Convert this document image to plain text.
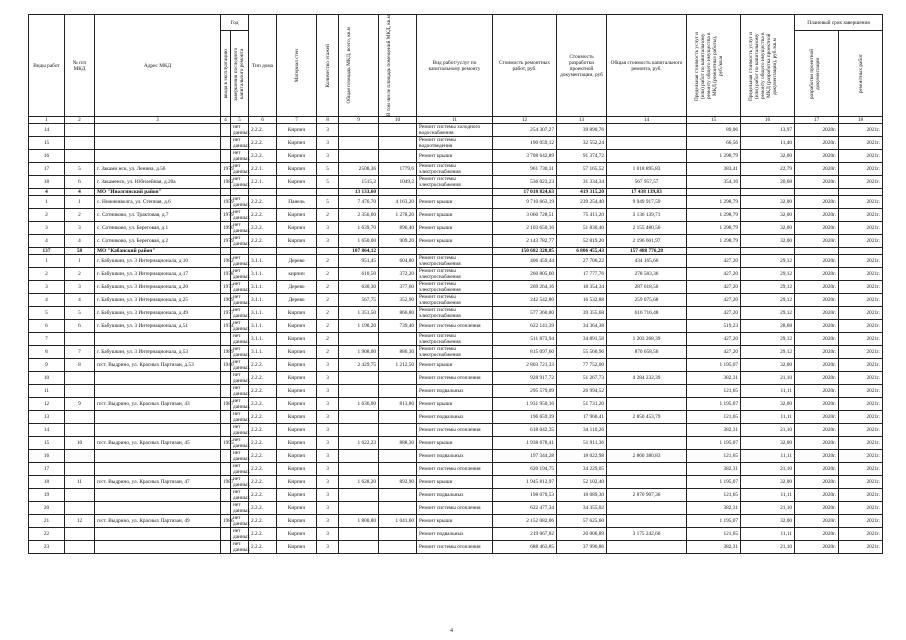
Виды работ	№ п/п МКД	Адрес МКД	Год		Тип дома	Материал стен	Количество этажей	Общая площадь МКД, всего, кв.м	В том числе площадь помещений МКД, кв.м	Вид работ/услуг по капитальному ремонту	Стоимость ремонтных работ, руб.	Стоимость разработки проектной документации, руб	Общая стоимость капитального ремонта, руб.	Предельная стоимость услуг и (или) работ по капитальному ремонту общего имущества в МКД (ремонтные работы), руб./кв.м	Предельная стоимость услуг и (или) работ по капитальному ремонту общего имущества в МКД (разработка проектной документации), руб./кв.м	Плановый срок завершения	

			ввода в эксплуатацию	завершения последнего капитального ремонта												разработки проектной документации	ремонтных работ

1	2	3	4	5	6	7	8	9	10	11	12	13	14	15	16	17	18
14				нет данных	2.2.2.	Кирпич	3			Ремонт системы холодного водоснабжения	254 307,27	39 890,76		89,06	13,97	2020г.	2021г.
15				нет данных	2.2.2.	Кирпич	3			Ремонт системы водоотведения	190 059,12	32 552,24		66,56	11,40	2020г.	2021г.
16				нет данных	2.2.2.	Кирпич	3			Ремонт крыши	3 708 642,89	91 374,72		1 298,79	32,00	2020г.	2021г.
17	5	г. Заками нск, ул. Ленина, д.56	1979	нет данных	2.2.1.	Кирпич	5	2508,36	1779,6	Ремонт системы электроснабжения	961 730,31	57 165,52	1 018 895,83	383,41	22,79	2020г.	2021г.
18	6	г. Закаменск, ул. Юбилейная, д.20а	1982	нет данных	2.2.1.	Кирпич	5	1515,2	1049,2	Ремонт системы электроснабжения	536 023,23	31 334,34	567 957,57	354,16	20,68	2020г.	2021г.
4	4	МО "Иволгинский район"						13 133,60			17 018 824,63	419 315,20	17 438 139,83				
1	1	с. Нижнеиволга, ул. Степная, д.6	1959	нет данных	2.2.2.	Панель	5	7 476,70	4 163,20	Ремонт крыши	9 710 663,19	239 254,40	9 949 917,59	1 298,79	32,00	2020г.	2021г.
2	2	с. Сотниково, ул. Трактовая, д.7	1979	нет данных	2.2.2.	Кирпич	2	2 356,60	1 278,20	Ремонт крыши	3 060 728,51	75 411,20	3 136 139,71	1 298,79	32,00	2020г.	2021г.
3	3	с. Сотниково, ул. Береговая, д.1	1990	нет данных	2.2.2.	Кирпич	3	1 639,70	896,40	Ремонт крыши	2 103 650,16	51 830,40	2 155 480,56	1 298,79	32,00	2020г.	2021г.
4	4	с. Сотниково, ул. Береговая, д.2	1979	нет данных	2.2.2.	Кирпич	3	1 650,00	909,20	Ремонт крыши	2 143 782,77	52 819,20	2 196 601,97	1 298,79	32,00	2020г.	2021г.
137	58	МО "Кабанский район"						107 864,12			150 682 320,85	6 806 455,43	157 488 776,28				
1	1	г. Бабушкин, ул. 3 Интернационала, д.10	1982	нет данных	3.1.1.	Дерево	2	951,45	604,80	Ремонт системы электроснабжения	406 459,44	27 706,22	434 165,66	427,20	29,12	2020г.	2021г.
2	2	г. Бабушкин, ул. 3 Интернационала, д.17	1978	нет данных	3.1.1.	кирпич	2	610,50	372,20	Ремонт системы электроснабжения	260 805,60	17 777,76	278 583,36	427,20	29,12	2020г.	2021г.
3	3	г. Бабушкин, ул. 3 Интернационала, д.20	1977	нет данных	3.1.1.	Дерево	2	630,30	377,60	Ремонт системы электроснабжения	269 264,16	18 354,34	287 618,50	427,20	29,12	2020г.	2021г.
4	4	г. Бабушкин, ул. 3 Интернационала, д.25	1969	нет данных	3.1.1.	Дерево	2	567,75	352,90	Ремонт системы электроснабжения	242 542,80	16 532,88	259 075,68	427,20	29,12	2020г.	2021г.
5	5	г. Бабушкин, ул. 3 Интернационала, д.49	1977	нет данных	3.1.1.	Кирпич	2	1 351,50	866,80	Ремонт системы электроснабжения	577 360,80	39 355,68	616 716,48	427,20	29,12	2020г.	2021г.
6	6	г. Бабушкин, ул. 3 Интернационала, д.51	1974	нет данных	3.1.1.	Кирпич	2	1 198,20	739,40	Ремонт системы отопления	622 141,39	34 364,38		519,23	28,68	2020г.	2021г.
7				нет данных	3.1.1.	Кирпич	2			Ремонт системы электроснабжения	511 873,94	34 891,58	1 203 268,39	427,20	29,12	2020г.	2021г.
8	7	г. Бабушкин, ул. 3 Интернационала, д.53	1989	нет данных	3.1.1.	Кирпич	2	1 908,00	886,30	Ремонт системы электроснабжения	815 097,60	55 560,96	870 658,56	427,20	29,12	2020г.	2021г.
9	8	п/ст. Выдрино, ул. Красных Партизан, д.53	1940	нет данных	2.2.2.	Кирпич	3	2 429,75	1 212,50	Ремонт крыши	2 803 721,33	77 752,00		1 195,07	32,00	2020г.	2021г.
10				нет данных	2.2.2.	Кирпич	3			Ремонт системы отопления	928 917,72	51 267,73	4 284 232,39	382,31	21,10	2020г.	2021г.
11				нет данных	2.2.2.	Кирпич	3			Ремонт подвальных	295 579,09	26 994,52		121,65	11,11	2020г.	2021г.
12	9	п/ст. Выдрино, ул. Красных Партизан, 43	1987	нет данных	2.2.2.	Кирпич	3	1 636,00	813,80	Ремонт крыши	1 931 950,16	51 731,20		1 195,07	32,00	2020г.	2021г.
13				нет данных	2.2.2.	Кирпич	3			Ремонт подвальных	196 659,39	17 960,41	2 850 453,79	121,65	11,11	2020г.	2021г.
14				нет данных	2.2.2.	Кирпич	3			Ремонт системы отопления	618 042,35	34 110,26		382,31	21,10	2020г.	2021г.
15	10	п/ст. Выдрино, ул. Красных Партизан, 45	1995	нет данных	2.2.2.	Кирпич	3	1 622,23	888,30	Ремонт крыши	1 938 678,41	51 911,36		1 195,07	32,00	2020г.	2021г.
16				нет данных	2.2.2.	Кирпич	3			Ремонт подвальных	197 344,28	18 022,98	2 860 380,83	121,65	11,11	2020г.	2021г.
17				нет данных	2.2.2.	Кирпич	3			Ремонт системы отопления	620 194,75	34 229,05		382,31	21,10	2020г.	2021г.
18	11	п/ст. Выдрино, ул. Красных Партизан, 47	1987	нет данных	2.2.2.	Кирпич	3	1 628,20	892,90	Ремонт крыши	1 945 812,97	52 102,40		1 195,07	32,00	2020г.	2021г.
19				нет данных	2.2.2.	Кирпич	3			Ремонт подвальных	198 070,53	18 089,30	2 870 907,36	121,65	11,11	2020г.	2021г.
20				нет данных	2.2.2.	Кирпич	3			Ремонт системы отопления	622 477,34	34 355,02		382,31	21,10	2020г.	2021г.
21	12	п/ст. Выдрино, ул. Красных Партизан, 49	1986	нет данных	2.2.2.	Кирпич	3	1 800,80	1 041,60	Ремонт крыши	2 152 082,06	57 625,60		1 195,07	32,00	2020г.	2021г.
22				нет данных	2.2.2.	Кирпич	3			Ремонт подвальных	219 067,82	20 006,89	3 175 242,60	121,65	11,11	2020г.	2021г.
23				нет данных	2.2.2.	Кирпич	3			Ремонт системы отопления	688 463,85	37 996,86		382,31	21,10	2020г.	2021г.
4
